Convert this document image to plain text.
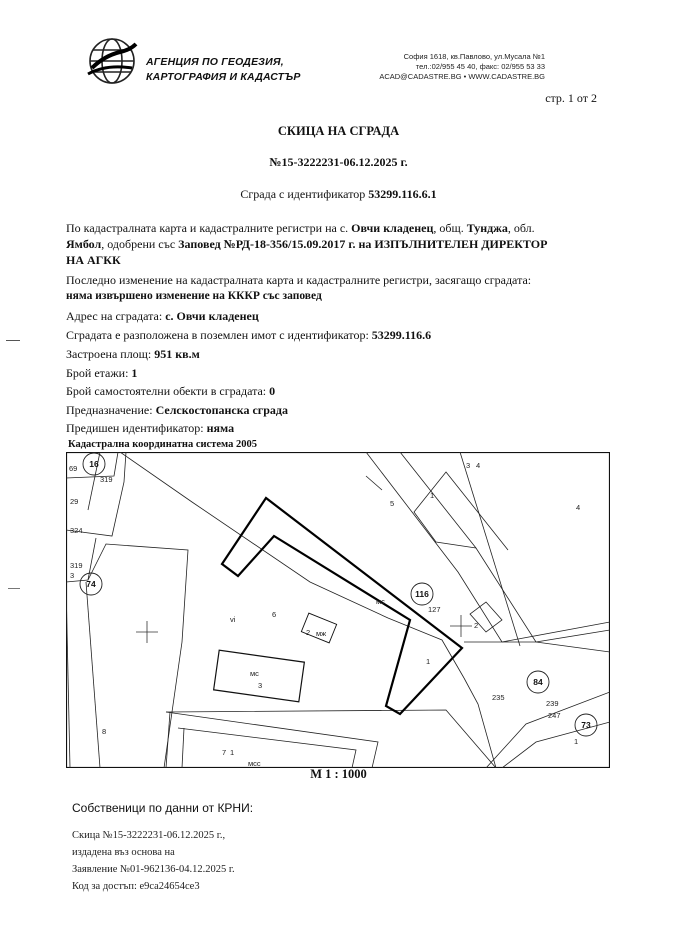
АГЕНЦИЯ ПО ГЕОДЕЗИЯ,
КАРТОГРАФИЯ И КАДАСТЪР
София 1618, кв.Павлово, ул.Мусала №1
тел.:02/955 45 40, факс: 02/955 53 33
ACAD@CADASTRE.BG • WWW.CADASTRE.BG
стр. 1 от 2
СКИЦА НА СГРАДА
№15-3222231-06.12.2025 г.
Сграда с идентификатор 53299.116.6.1
По кадастралната карта и кадастралните регистри на с. Овчи кладенец, общ. Тунджа, обл.
Ямбол, одобрени със Заповед №РД-18-356/15.09.2017 г. на ИЗПЪЛНИТЕЛЕН ДИРЕКТОР
НА АГКК
Последно изменение на кадастралната карта и кадастралните регистри, засягащо сградата:
няма извършено изменение на КККР със заповед
Адрес на сградата: с. Овчи кладенец
Сградата е разположена в поземлен имот с идентификатор: 53299.116.6
Застроена площ: 951 кв.м
Брой етажи: 1
Брой самостоятелни обекти в сградата: 0
Предназначение: Селскостопанска сграда
Предишен идентификатор: няма
Кадастрална координатна система 2005
69
319
29
324
319
3
5
1
3 4
4
6
vi
мс
127
2 мж
2
1
мс
3
235
239
247
1
8
7 1
мсс
16
74
116
84
73
М 1 : 1000
Собственици по данни от КРНИ:
Скица №15-3222231-06.12.2025 г.,
издадена въз основа на
Заявление №01-962136-04.12.2025 г.
Код за достъп: e9ca24654ce3
